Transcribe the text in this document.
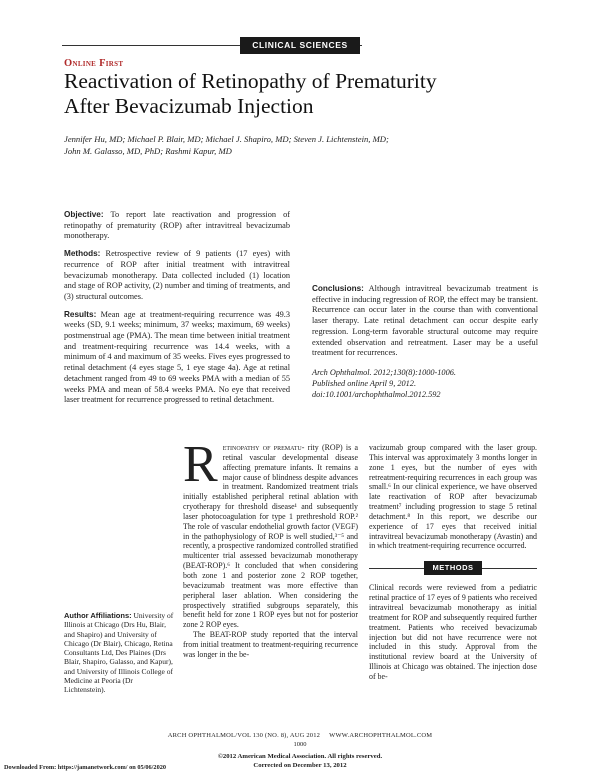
CLINICAL SCIENCES
Online First
Reactivation of Retinopathy of Prematurity
After Bevacizumab Injection
Jennifer Hu, MD; Michael P. Blair, MD; Michael J. Shapiro, MD; Steven J. Lichtenstein, MD;
John M. Galasso, MD, PhD; Rashmi Kapur, MD

Objective: To report late reactivation and progression of retinopathy of prematurity (ROP) after intravitreal bevacizumab monotherapy.

Methods: Retrospective review of 9 patients (17 eyes) with recurrence of ROP after initial treatment with intravitreal bevacizumab monotherapy. Data collected included (1) location and stage of ROP activity, (2) number and timing of treatments, and (3) structural outcomes.

Results: Mean age at treatment-requiring recurrence was 49.3 weeks (SD, 9.1 weeks; minimum, 37 weeks; maximum, 69 weeks) postmenstrual age (PMA). The mean time between initial treatment and treatment-requiring recurrence was 14.4 weeks, with a minimum of 4 and maximum of 35 weeks. Fives eyes progressed to retinal detachment (4 eyes stage 5, 1 eye stage 4a). Age at retinal detachment ranged from 49 to 69 weeks PMA with a median of 55 weeks PMA and mean of 58.4 weeks PMA. No eye that received laser treatment for recurrence progressed to retinal detachment.

Conclusions: Although intravitreal bevacizumab treatment is effective in inducing regression of ROP, the effect may be transient. Recurrence can occur later in the course than with conventional laser therapy. Late retinal detachment can occur despite early regression. Long-term favorable structural outcome may require extended observation and retreatment. Laser may be a useful treatment for recurrences.

Arch Ophthalmol. 2012;130(8):1000-1006.
Published online April 9, 2012.
doi:10.1001/archophthalmol.2012.592
R etinopathy of prematu- rity (ROP) is a retinal vascular developmental disease affecting premature infants. It remains a major cause of blindness despite advances in treatment. Randomized treatment trials initially established peripheral retinal ablation with cryotherapy for threshold disease¹ and subsequently laser photocoagulation for type 1 prethreshold ROP.² The role of vascular endothelial growth factor (VEGF) in the pathophysiology of ROP is well studied,³⁻⁵ and recently, a prospective randomized controlled stratified multicenter trial assessed bevacizumab monotherapy (BEAT-ROP).⁶ It concluded that when considering both zone 1 and posterior zone 2 ROP together, bevacizumab treatment was more effective than peripheral laser ablation. When considering the prospectively stratified subgroups separately, this benefit held for zone 1 ROP eyes but not for posterior zone 2 ROP eyes.

The BEAT-ROP study reported that the interval from initial treatment to treatment-requiring recurrence was longer in the be-

vacizumab group compared with the laser group. This interval was approximately 3 months longer in zone 1 eyes, but the number of eyes with retreatment-requiring recurrences in each group was small.⁶ In our clinical experience, we have observed late reactivation of ROP after bevacizumab treatment⁷ including progression to stage 5 retinal detachment.⁸ In this report, we describe our experience of 17 eyes that received initial intravitreal bevacizumab monotherapy (Avastin) and in which treatment-requiring recurrence occurred.

METHODS

Clinical records were reviewed from a pediatric retinal practice of 17 eyes of 9 patients who received intravitreal bevacizumab monotherapy as initial treatment for ROP and subsequently required further treatment. Patients who received bevacizumab injection but did not have recurrence were not included in this study. Approval from the institutional review board at the University of Illinois at Chicago was obtained. The injection dose of be-

Author Affiliations: University of Illinois at Chicago (Drs Hu, Blair, and Shapiro) and University of Chicago (Dr Blair), Chicago, Retina Consultants Ltd, Des Plaines (Drs Blair, Shapiro, Galasso, and Kapur), and University of Illinois College of Medicine at Peoria (Dr Lichtenstein).
ARCH OPHTHALMOL/VOL 130 (NO. 8), AUG 2012     WWW.ARCHOPHTHALMOL.COM
1000
©2012 American Medical Association. All rights reserved.
Corrected on December 13, 2012
Downloaded From: https://jamanetwork.com/ on 05/06/2020
